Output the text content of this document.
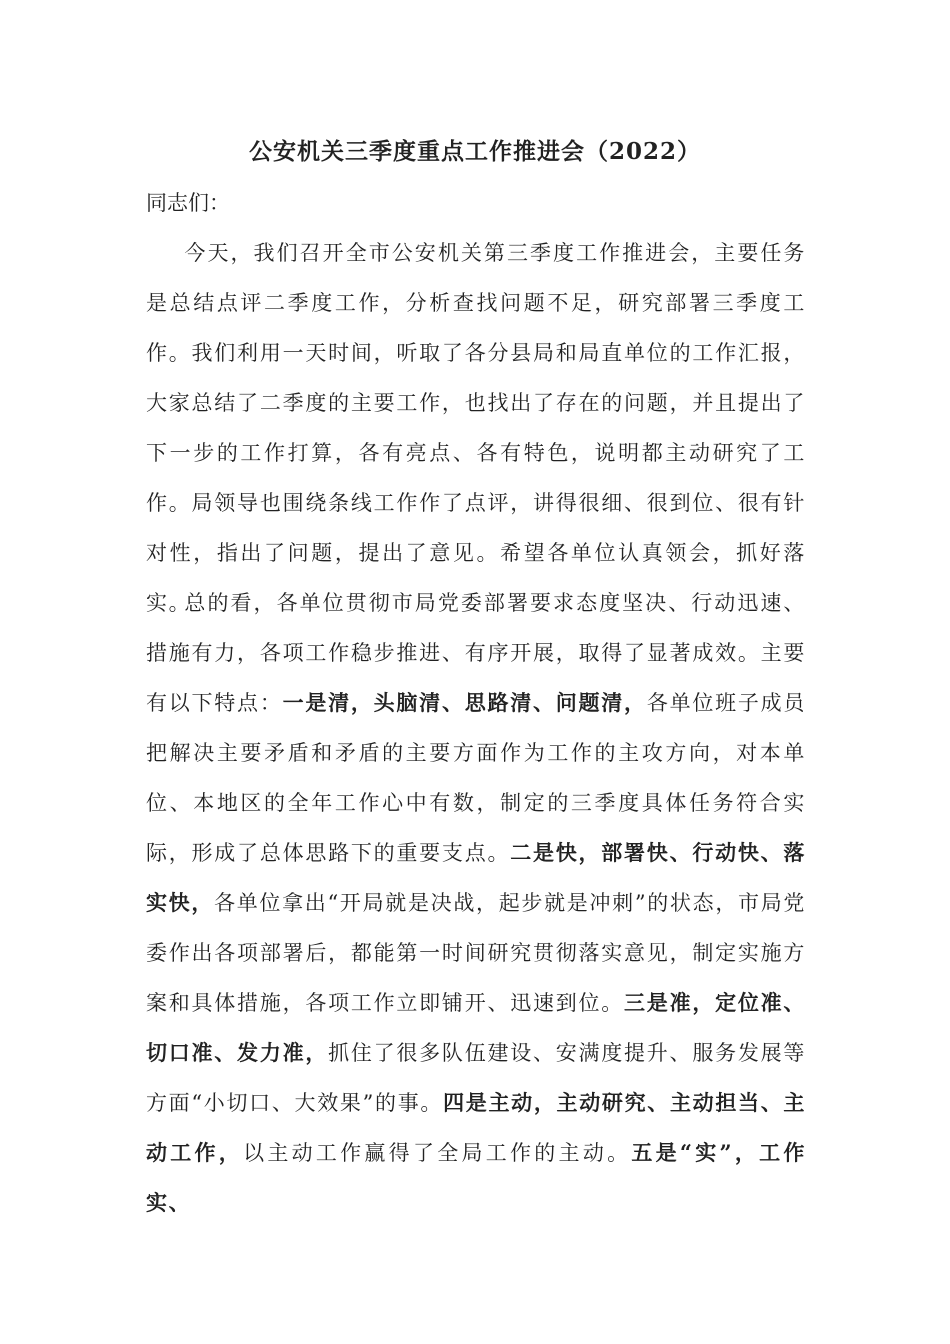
公安机关三季度重点工作推进会（2022）

同志们：

今天，我们召开全市公安机关第三季度工作推进会，主要任务是总结点评二季度工作，分析查找问题不足，研究部署三季度工作。我们利用一天时间，听取了各分县局和局直单位的工作汇报，大家总结了二季度的主要工作，也找出了存在的问题，并且提出了下一步的工作打算，各有亮点、各有特色，说明都主动研究了工作。局领导也围绕条线工作作了点评，讲得很细、很到位、很有针对性，指出了问题，提出了意见。希望各单位认真领会，抓好落实。

总的看，各单位贯彻市局党委部署要求态度坚决、行动迅速、措施有力，各项工作稳步推进、有序开展，取得了显著成效。主要有以下特点：一是清，头脑清、思路清、问题清，各单位班子成员把解决主要矛盾和矛盾的主要方面作为工作的主攻方向，对本单位、本地区的全年工作心中有数，制定的三季度具体任务符合实际，形成了总体思路下的重要支点。二是快，部署快、行动快、落实快，各单位拿出“开局就是决战，起步就是冲刺”的状态，市局党委作出各项部署后，都能第一时间研究贯彻落实意见，制定实施方案和具体措施，各项工作立即铺开、迅速到位。三是准，定位准、切口准、发力准，抓住了很多队伍建设、安满度提升、服务发展等方面“小切口、大效果”的事。四是主动，主动研究、主动担当、主动工作，以主动工作赢得了全局工作的主动。五是“实”，工作实、
